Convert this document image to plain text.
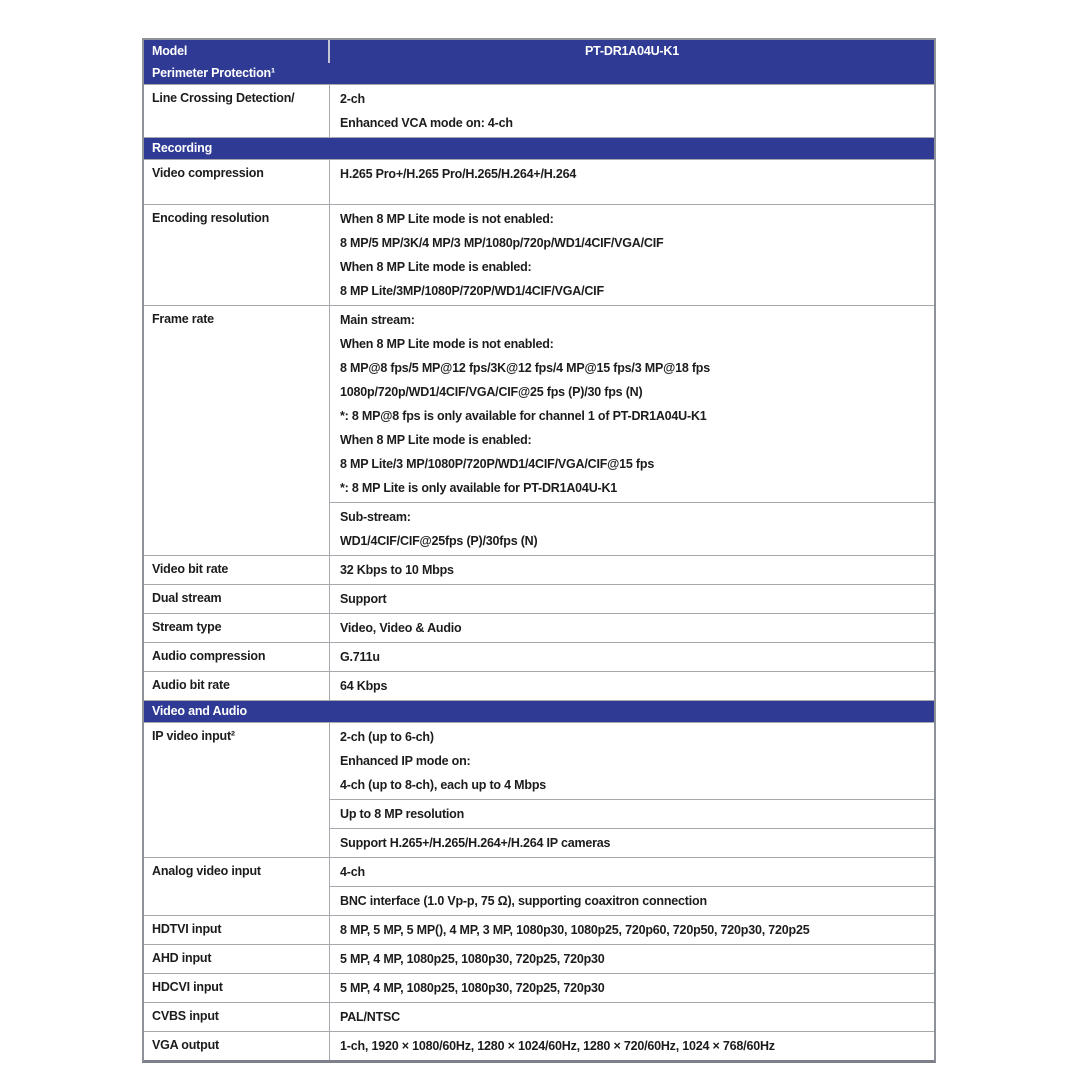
Model	PT-DR1A04U-K1
Perimeter Protection¹
Line Crossing Detection/	2-ch
Enhanced VCA mode on: 4-ch
Recording
Video compression	H.265 Pro+/H.265 Pro/H.265/H.264+/H.264
Encoding resolution	When 8 MP Lite mode is not enabled:
8 MP/5 MP/3K/4 MP/3 MP/1080p/720p/WD1/4CIF/VGA/CIF
When 8 MP Lite mode is enabled:
8 MP Lite/3MP/1080P/720P/WD1/4CIF/VGA/CIF
Frame rate	Main stream:
When 8 MP Lite mode is not enabled:
8 MP@8 fps/5 MP@12 fps/3K@12 fps/4 MP@15 fps/3 MP@18 fps
1080p/720p/WD1/4CIF/VGA/CIF@25 fps (P)/30 fps (N)
*: 8 MP@8 fps is only available for channel 1 of PT-DR1A04U-K1
When 8 MP Lite mode is enabled:
8 MP Lite/3 MP/1080P/720P/WD1/4CIF/VGA/CIF@15 fps
*: 8 MP Lite is only available for PT-DR1A04U-K1
Sub-stream:
WD1/4CIF/CIF@25fps (P)/30fps (N)
Video bit rate	32 Kbps to 10 Mbps
Dual stream	Support
Stream type	Video, Video & Audio
Audio compression	G.711u
Audio bit rate	64 Kbps
Video and Audio
IP video input²	2-ch (up to 6-ch)
Enhanced IP mode on:
4-ch (up to 8-ch), each up to 4 Mbps
Up to 8 MP resolution
Support H.265+/H.265/H.264+/H.264 IP cameras
Analog video input	4-ch
BNC interface (1.0 Vp-p, 75 Ω), supporting coaxitron connection
HDTVI input	8 MP, 5 MP, 5 MP(), 4 MP, 3 MP, 1080p30, 1080p25, 720p60, 720p50, 720p30, 720p25
AHD input	5 MP, 4 MP, 1080p25, 1080p30, 720p25, 720p30
HDCVI input	5 MP, 4 MP, 1080p25, 1080p30, 720p25, 720p30
CVBS input	PAL/NTSC
VGA output	1-ch, 1920 × 1080/60Hz, 1280 × 1024/60Hz, 1280 × 720/60Hz, 1024 × 768/60Hz
